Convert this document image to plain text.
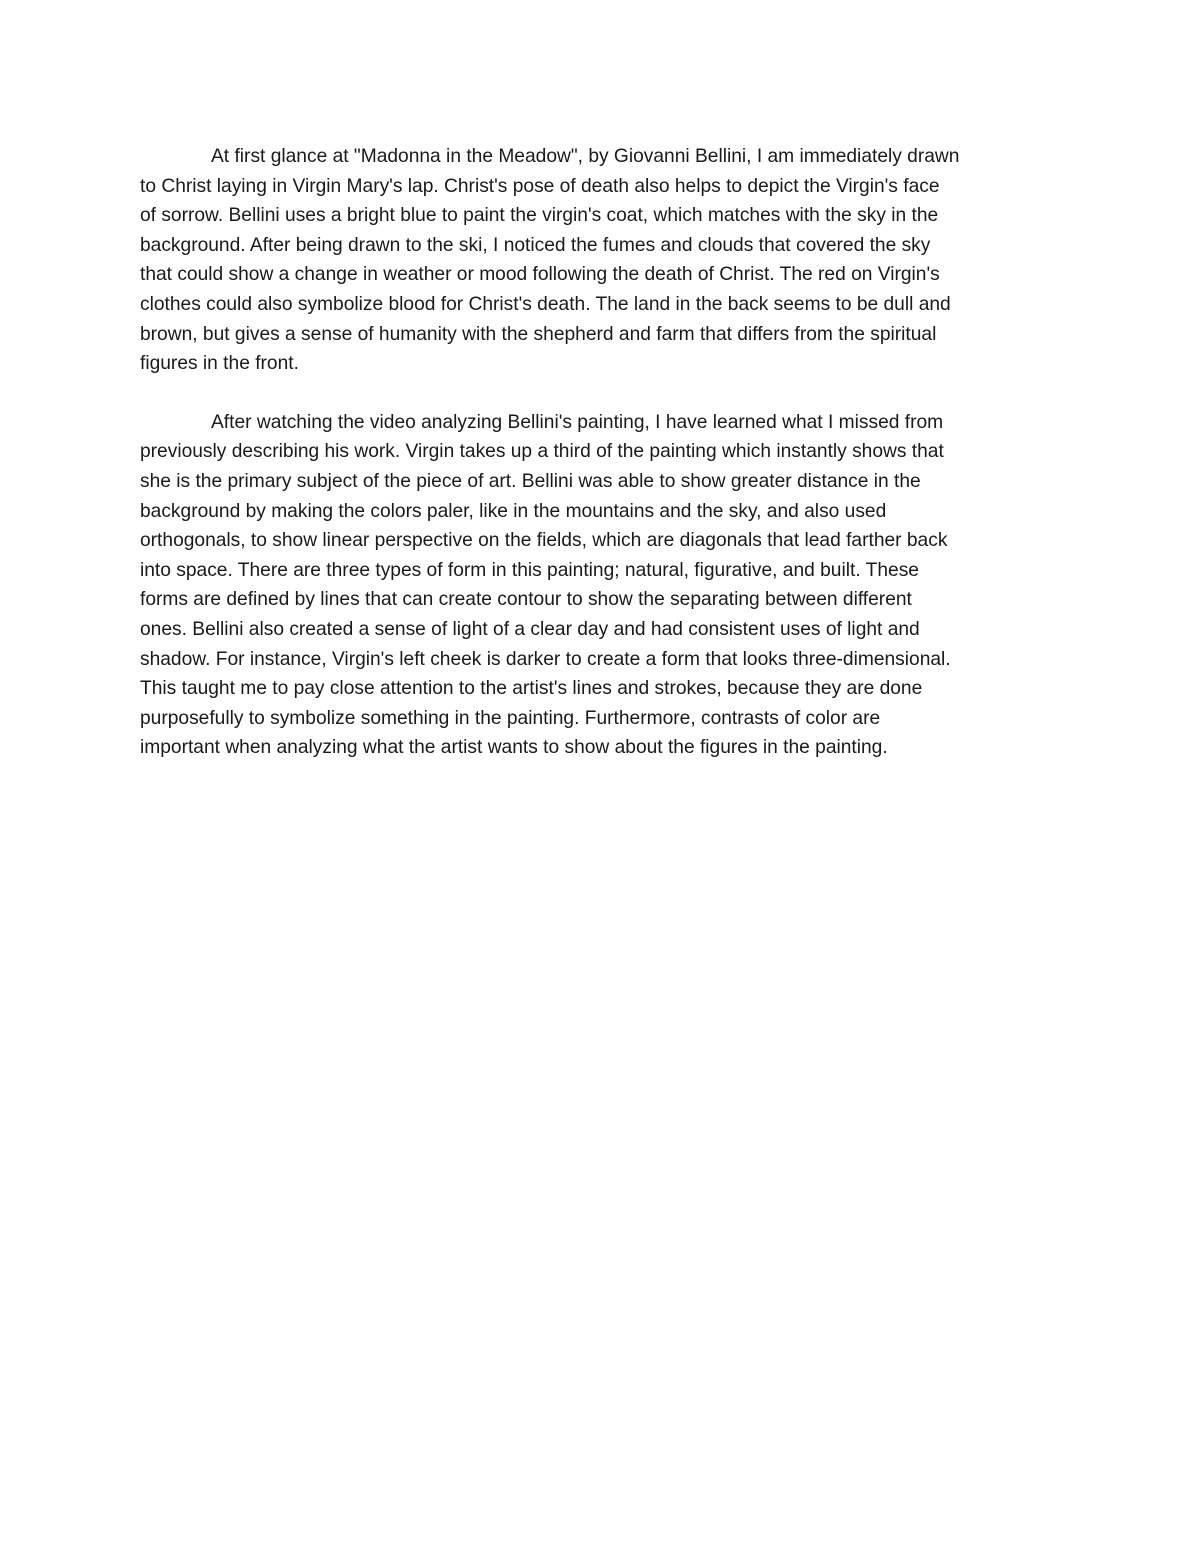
At first glance at "Madonna in the Meadow", by Giovanni Bellini, I am immediately drawn
to Christ laying in Virgin Mary's lap. Christ's pose of death also helps to depict the Virgin's face
of sorrow. Bellini uses a bright blue to paint the virgin's coat, which matches with the sky in the
background. After being drawn to the ski, I noticed the fumes and clouds that covered the sky
that could show a change in weather or mood following the death of Christ. The red on Virgin's
clothes could also symbolize blood for Christ's death. The land in the back seems to be dull and
brown, but gives a sense of humanity with the shepherd and farm that differs from the spiritual
figures in the front.
After watching the video analyzing Bellini's painting, I have learned what I missed from
previously describing his work. Virgin takes up a third of the painting which instantly shows that
she is the primary subject of the piece of art. Bellini was able to show greater distance in the
background by making the colors paler, like in the mountains and the sky, and also used
orthogonals, to show linear perspective on the fields, which are diagonals that lead farther back
into space. There are three types of form in this painting; natural, figurative, and built. These
forms are defined by lines that can create contour to show the separating between different
ones. Bellini also created a sense of light of a clear day and had consistent uses of light and
shadow. For instance, Virgin's left cheek is darker to create a form that looks three-dimensional.
This taught me to pay close attention to the artist's lines and strokes, because they are done
purposefully to symbolize something in the painting. Furthermore, contrasts of color are
important when analyzing what the artist wants to show about the figures in the painting.
